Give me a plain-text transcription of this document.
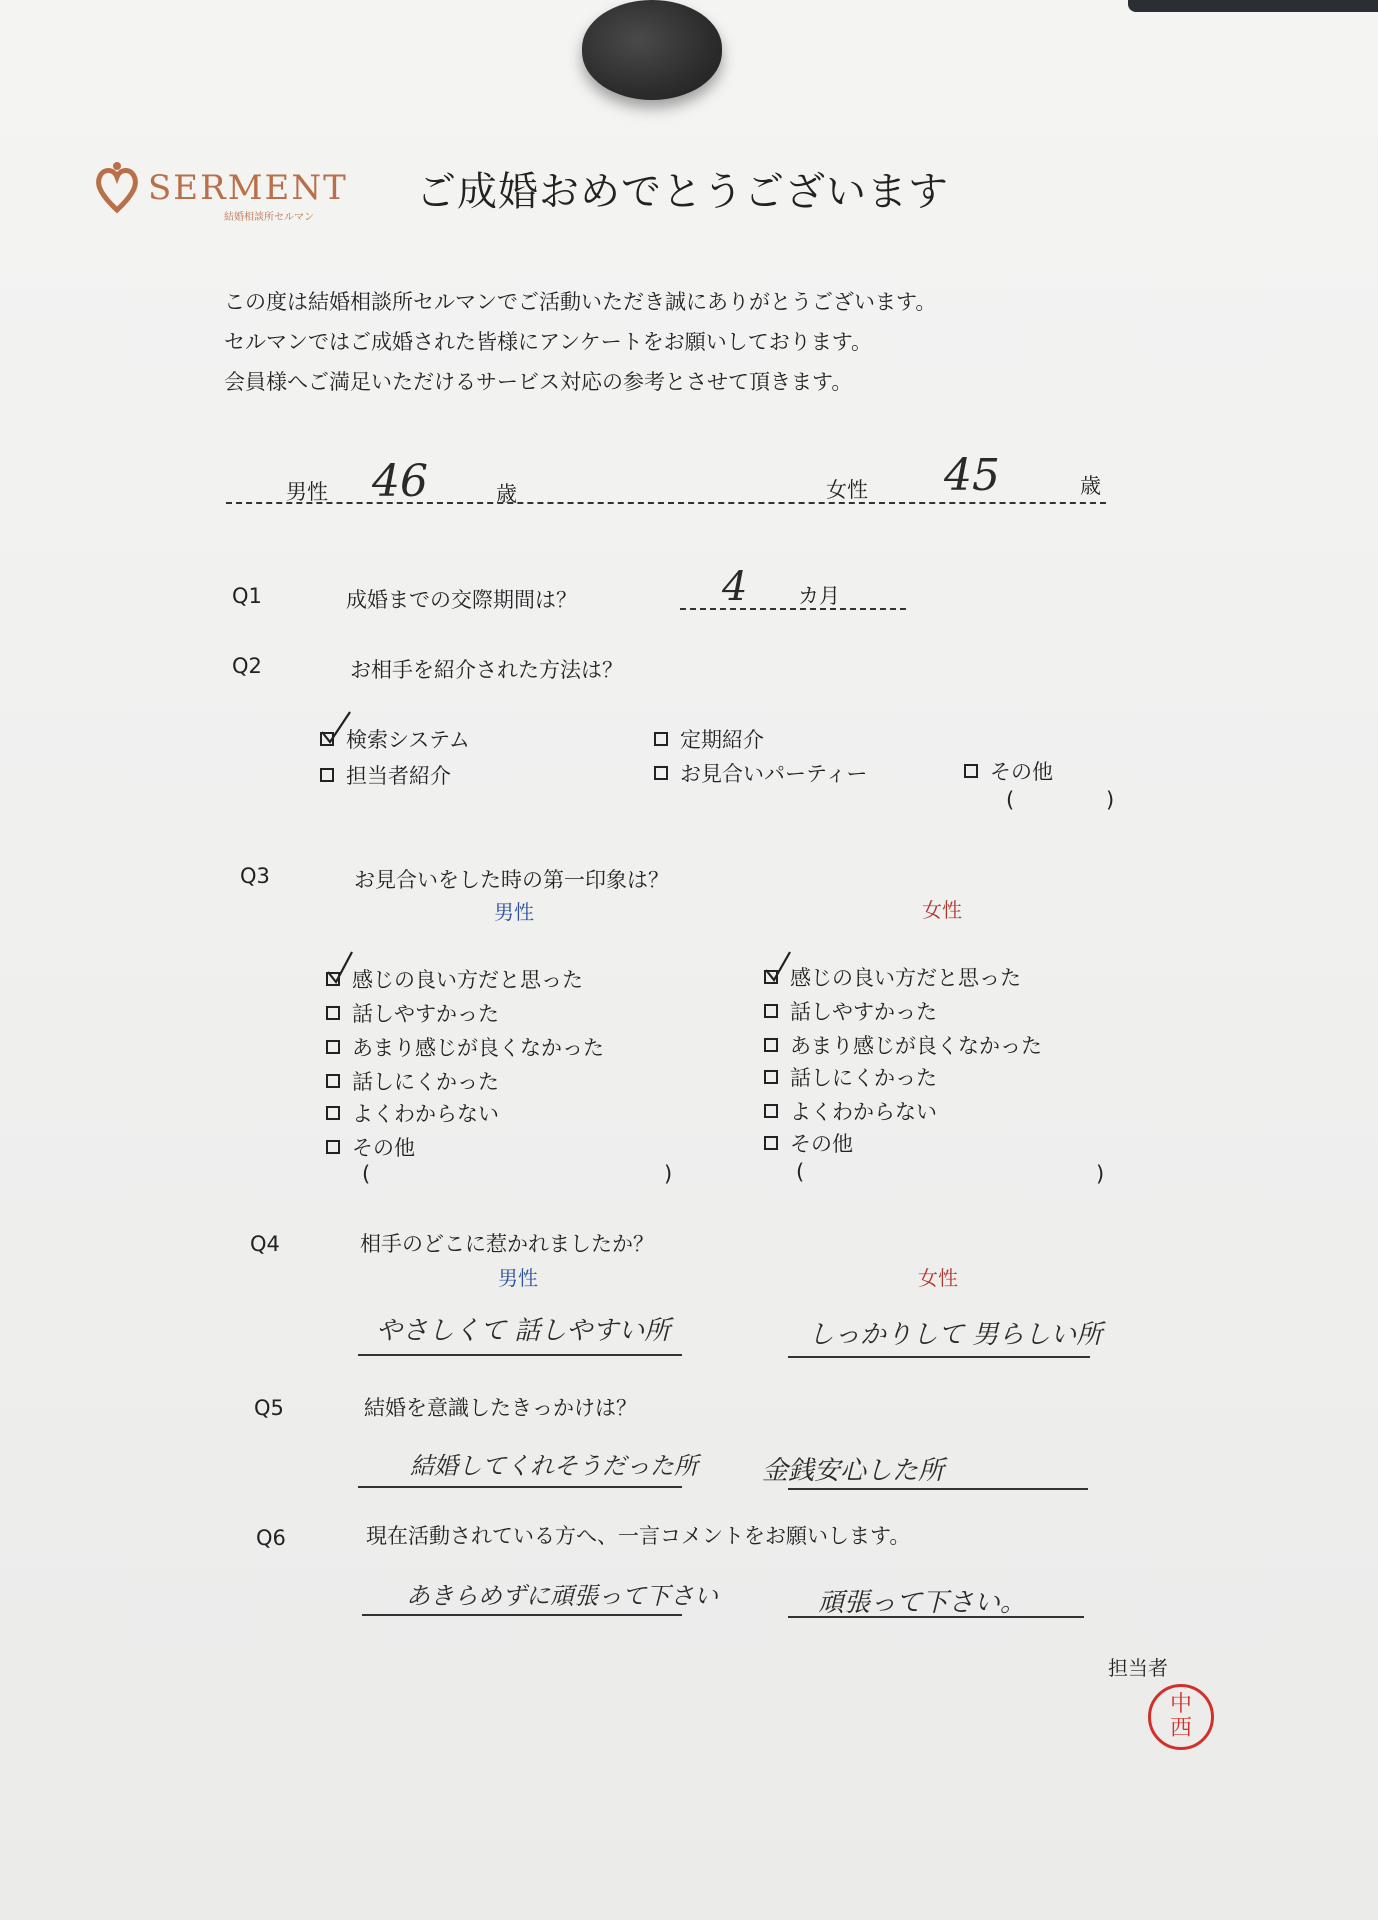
SERMENT
結婚相談所セルマン
ご成婚おめでとうございます
この度は結婚相談所セルマンでご活動いただき誠にありがとうございます。
セルマンではご成婚された皆様にアンケートをお願いしております。
会員様へご満足いただけるサービス対応の参考とさせて頂きます。
男性 46	歳	女性 45	歳
Q1	成婚までの交際期間は？	4 カ月
Q2	お相手を紹介された方法は？
検索システム
担当者紹介
定期紹介
お見合いパーティー	その他
(	)
Q3	お見合いをした時の第一印象は？
男性	女性
感じの良い方だと思った
話しやすかった
あまり感じが良くなかった
話しにくかった
よくわからない
その他
(	)
感じの良い方だと思った
話しやすかった
あまり感じが良くなかった
話しにくかった
よくわからない
その他
(	)
Q4	相手のどこに惹かれましたか？
男性	女性
やさしくて 話しやすい所	しっかりして 男らしい所
Q5	結婚を意識したきっかけは？
結婚してくれそうだった所 金銭安心した所
Q6	現在活動されている方へ、一言コメントをお願いします。
あきらめずに頑張って下さい	頑張って下さい。
担当者
中
西
